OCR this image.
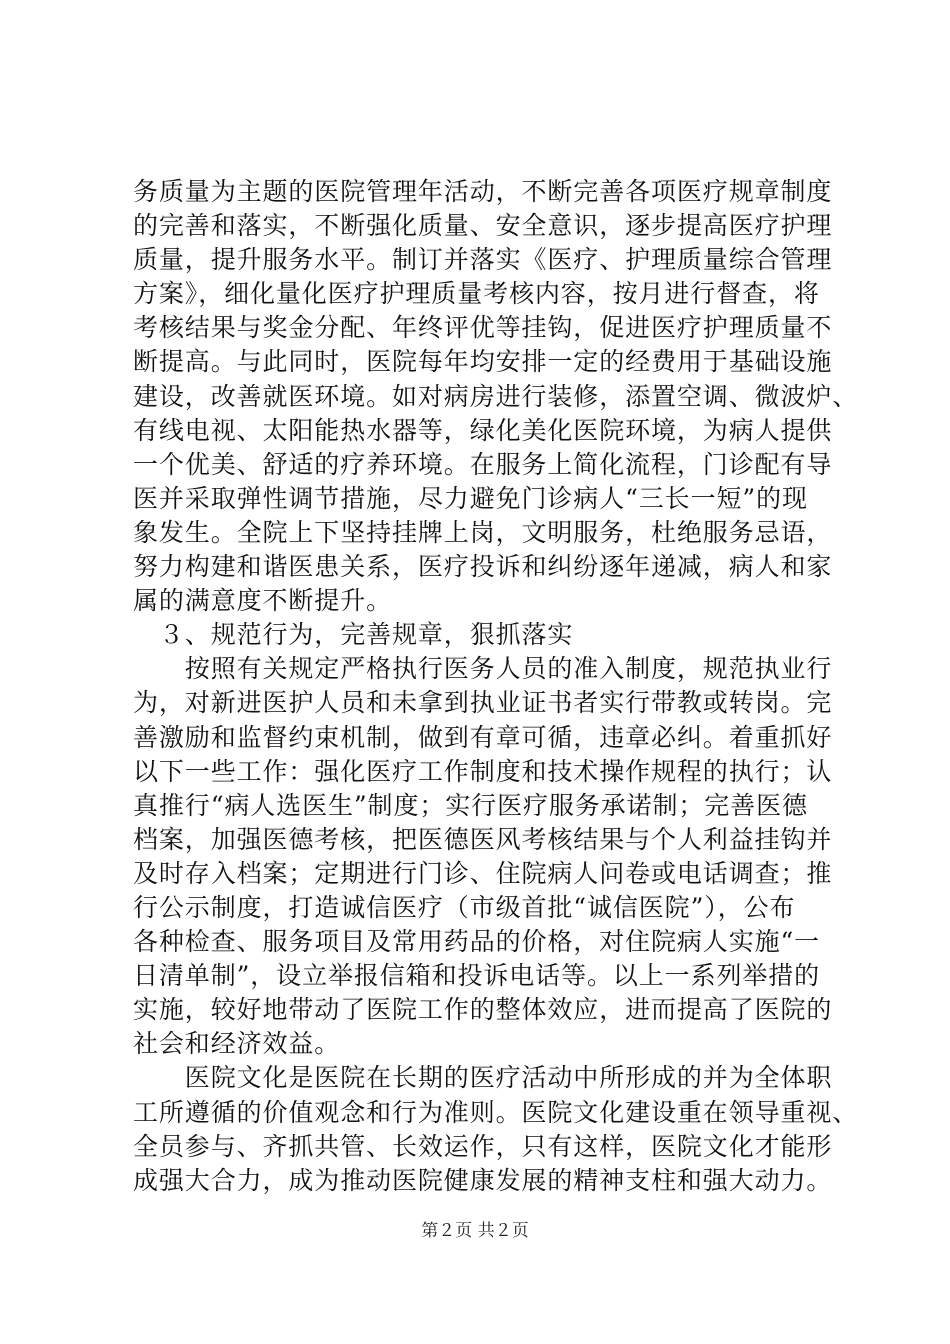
务质量为主题的医院管理年活动，不断完善各项医疗规章制度
的完善和落实，不断强化质量、安全意识，逐步提高医疗护理
质量，提升服务水平。制订并落实《医疗、护理质量综合管理
方案》，细化量化医疗护理质量考核内容，按月进行督查，将
考核结果与奖金分配、年终评优等挂钩，促进医疗护理质量不
断提高。与此同时，医院每年均安排一定的经费用于基础设施
建设，改善就医环境。如对病房进行装修，添置空调、微波炉、
有线电视、太阳能热水器等，绿化美化医院环境，为病人提供
一个优美、舒适的疗养环境。在服务上简化流程，门诊配有导
医并采取弹性调节措施，尽力避免门诊病人“三长一短”的现
象发生。全院上下坚持挂牌上岗，文明服务，杜绝服务忌语，
努力构建和谐医患关系，医疗投诉和纠纷逐年递减，病人和家
属的满意度不断提升。
　３、规范行为，完善规章，狠抓落实
　　按照有关规定严格执行医务人员的准入制度，规范执业行
为，对新进医护人员和未拿到执业证书者实行带教或转岗。完
善激励和监督约束机制，做到有章可循，违章必纠。着重抓好
以下一些工作：强化医疗工作制度和技术操作规程的执行；认
真推行“病人选医生”制度；实行医疗服务承诺制；完善医德
档案，加强医德考核，把医德医风考核结果与个人利益挂钩并
及时存入档案；定期进行门诊、住院病人问卷或电话调查；推
行公示制度，打造诚信医疗（市级首批“诚信医院”），公布
各种检查、服务项目及常用药品的价格，对住院病人实施“一
日清单制”，设立举报信箱和投诉电话等。以上一系列举措的
实施，较好地带动了医院工作的整体效应，进而提高了医院的
社会和经济效益。
　　医院文化是医院在长期的医疗活动中所形成的并为全体职
工所遵循的价值观念和行为准则。医院文化建设重在领导重视、
全员参与、齐抓共管、长效运作，只有这样，医院文化才能形
成强大合力，成为推动医院健康发展的精神支柱和强大动力。
第２页 共２页
